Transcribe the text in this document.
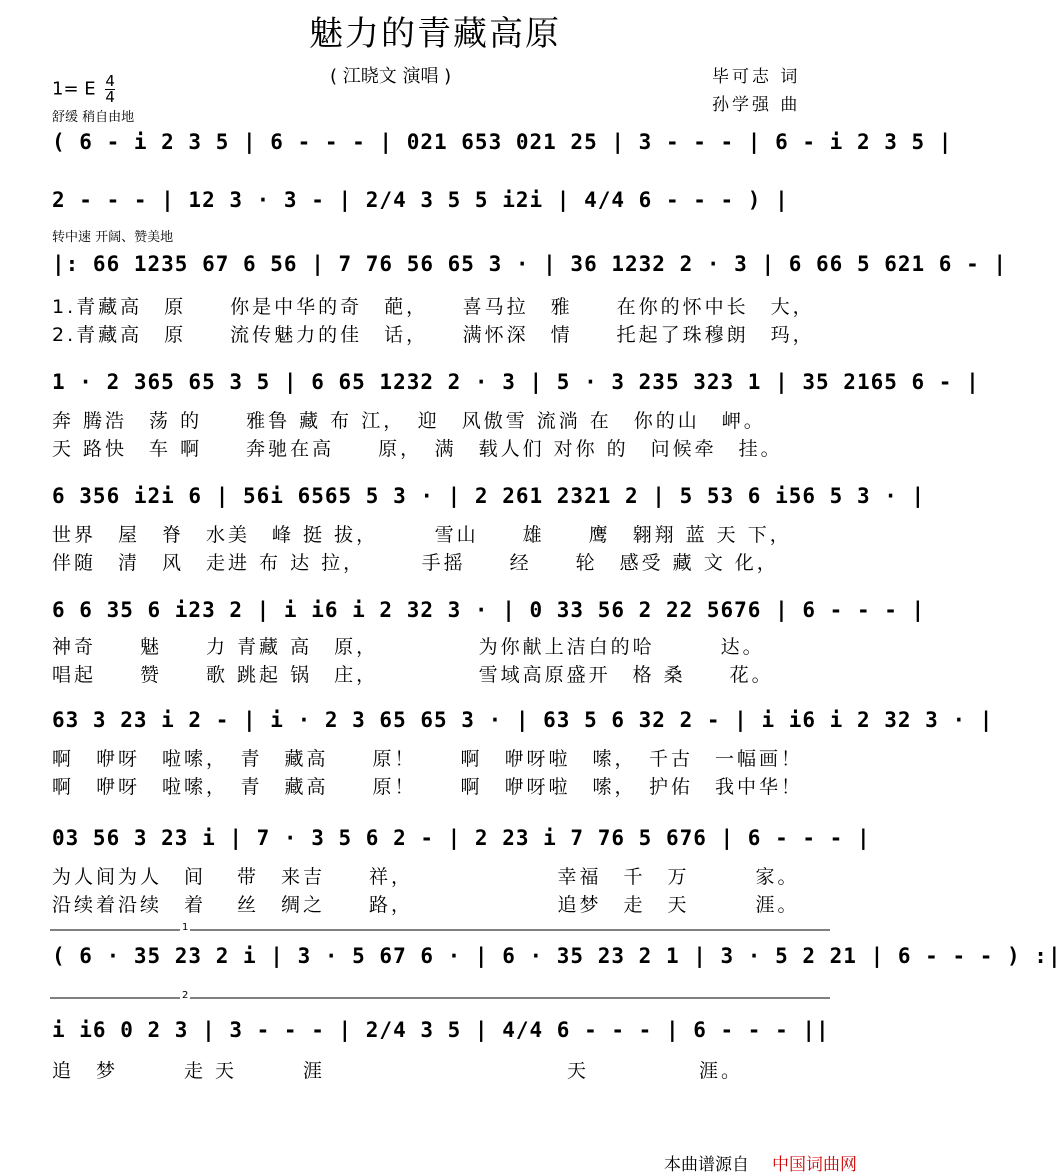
魅力的青藏高原
( 江晓文 演唱 )	毕可志 词
孙学强 曲
1= E $\frac{4}{4}$
舒缓 稍自由地
转中速 开阔、赞美地
( 6 - i 2 3 5 | 6 - - - | 021 653 021 25 | 3 - - - | 6 - i 2 3 5 |
2 - - - | 12 3 · 3 - | 2/4 3 5 5 i2i | 4/4 6 - - - ) |
|: 66 1235 67 6 56 | 7 76 56 65 3 · | 36 1232 2 · 3 | 6 66 5 621 6 - |
1 · 2 365 65 3 5 | 6 65 1232 2 · 3 | 5 · 3 235 323 1 | 35 2165 6 - |
6 356 i2i 6 | 56i 6565 5 3 · | 2 261 2321 2 | 5 53 6 i56 5 3 · |
6 6 35 6 i23 2 | i i6 i 2 32 3 · | 0 33 56 2 22 5676 | 6 - - - |
63 3 23 i 2 - | i · 2 3 65 65 3 · | 63 5 6 32 2 - | i i6 i 2 32 3 · |
03 56 3 23 i | 7 · 3 5 6 2 - | 2 23 i 7 76 5 676 | 6 - - - |
( 6 · 35 23 2 i | 3 · 5 67 6 · | 6 · 35 23 2 1 | 3 · 5 2 21 | 6 - - - ) :|
i i6 0 2 3 | 3 - - - | 2/4 3 5 | 4/4 6 - - - | 6 - - - ||
1.青藏高　原　　你是中华的奇　葩，　　喜马拉　雅　　在你的怀中长　大，
2.青藏高　原　　流传魅力的佳　话，　　满怀深　情　　托起了珠穆朗　玛，
奔 腾浩　荡 的　　雅鲁 藏 布 江，　迎　风傲雪 流淌 在　你的山　岬。
天 路快　车 啊　　奔驰在高　　原，　满　载人们 对你 的　问候牵　挂。
世界　屋　脊　水美　峰 挺 拔，　　　雪山　　雄　　鹰　翱翔 蓝 天 下，
伴随　清　风　走进 布 达 拉，　　　手摇　　经　　轮　感受 藏 文 化，
神奇　　魅　　力 青藏 高　原，　　　　　为你献上洁白的哈　　　达。
唱起　　赞　　歌 跳起 锅　庄，　　　　　雪域高原盛开　格 桑　　花。
啊　咿呀　啦嗦，　青　藏高　　原！　　啊　咿呀啦　嗦，　千古　一幅画！
啊　咿呀　啦嗦，　青　藏高　　原！　　啊　咿呀啦　嗦，　护佑　我中华！
为人间为人　间　 带　来吉　　祥，　　　　　　　幸福　千　万　　　家。
沿续着沿续　着　 丝　绸之　　路，　　　　　　　追梦　走　天　　　涯。
追　梦　　　走 天　　　涯　　　　　　　　　　　天　　　　　涯。
1
2
本曲谱源自 中国词曲网
